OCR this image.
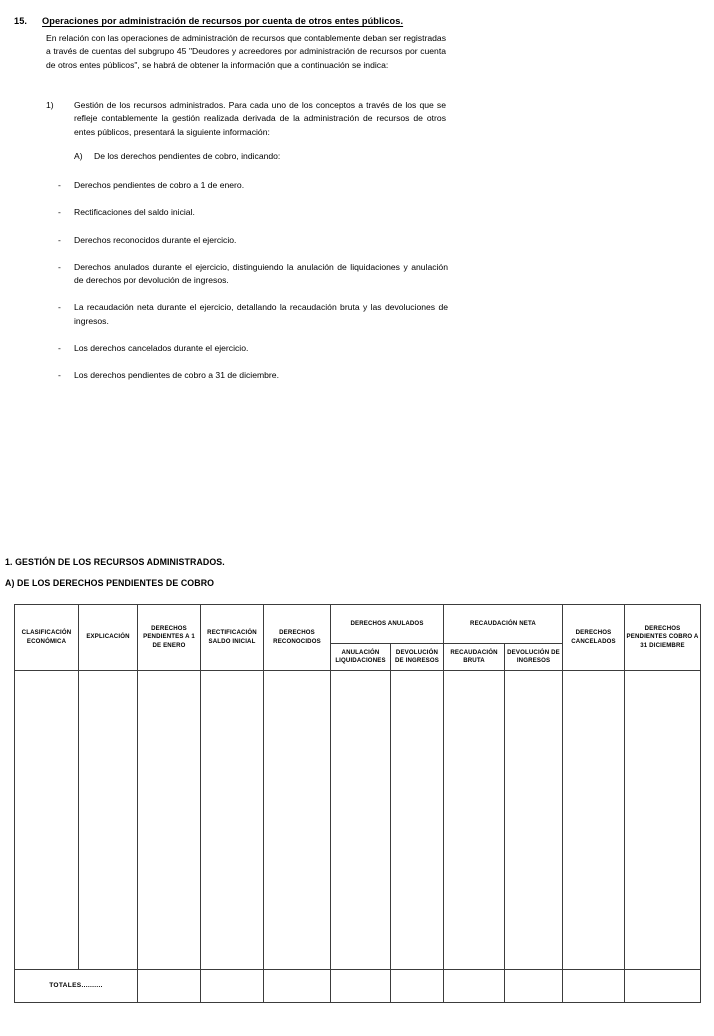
15.	Operaciones por administración de recursos por cuenta de otros entes públicos.
En relación con las operaciones de administración de recursos que contablemente deban ser registradas a través de cuentas del subgrupo 45 "Deudores y acreedores por administración de recursos por cuenta de otros entes públicos", se habrá de obtener la información que a continuación se indica:
1)	Gestión de los recursos administrados. Para cada uno de los conceptos a través de los que se refleje contablemente la gestión realizada derivada de la administración de recursos de otros entes públicos, presentará la siguiente información:
A)	De los derechos pendientes de cobro, indicando:
-	Derechos pendientes de cobro a 1 de enero.
-	Rectificaciones del saldo inicial.
-	Derechos reconocidos durante el ejercicio.
-	Derechos anulados durante el ejercicio, distinguiendo la anulación de liquidaciones y anulación de derechos por devolución de ingresos.
-	La recaudación neta durante el ejercicio, detallando la recaudación bruta y las devoluciones de ingresos.
-	Los derechos cancelados durante el ejercicio.
-	Los derechos pendientes de cobro a 31 de diciembre.
1. GESTIÓN DE LOS RECURSOS ADMINISTRADOS.
A) DE LOS DERECHOS PENDIENTES DE COBRO
CLASIFICACIÓN ECONÓMICA	EXPLICACIÓN	DERECHOS PENDIENTES A 1 DE ENERO	RECTIFICACIÓN SALDO INICIAL	DERECHOS RECONOCIDOS	DERECHOS ANULADOS		RECAUDACIÓN NETA		DERECHOS CANCELADOS	DERECHOS PENDIENTES COBRO A 31 DICIEMBRE
					ANULACIÓN LIQUIDACIONES	DEVOLUCIÓN DE INGRESOS	RECAUDACIÓN BRUTA	DEVOLUCIÓN DE INGRESOS		

TOTALES..........										
